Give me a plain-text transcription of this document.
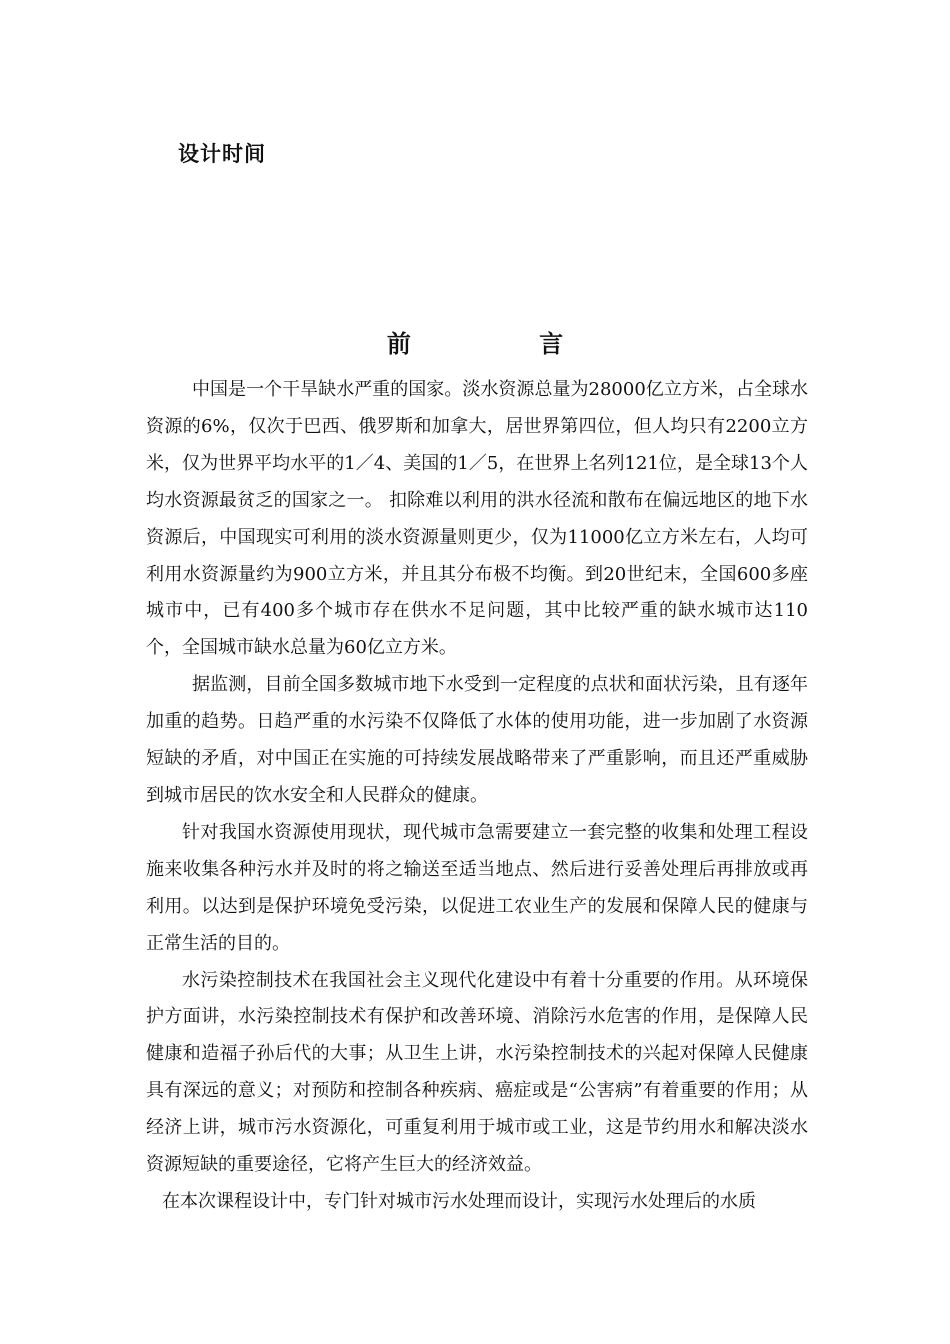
设计时间
前 言

中国是一个干旱缺水严重的国家。淡水资源总量为28000亿立方米，占全球水资源的6%，仅次于巴西、俄罗斯和加拿大，居世界第四位，但人均只有2200立方米，仅为世界平均水平的1／4、美国的1／5，在世界上名列121位，是全球13个人均水资源最贫乏的国家之一。 扣除难以利用的洪水径流和散布在偏远地区的地下水资源后，中国现实可利用的淡水资源量则更少，仅为11000亿立方米左右，人均可利用水资源量约为900立方米，并且其分布极不均衡。到20世纪末，全国600多座城市中，已有400多个城市存在供水不足问题，其中比较严重的缺水城市达110个，全国城市缺水总量为60亿立方米。

据监测，目前全国多数城市地下水受到一定程度的点状和面状污染，且有逐年加重的趋势。日趋严重的水污染不仅降低了水体的使用功能，进一步加剧了水资源短缺的矛盾，对中国正在实施的可持续发展战略带来了严重影响，而且还严重威胁到城市居民的饮水安全和人民群众的健康。

针对我国水资源使用现状，现代城市急需要建立一套完整的收集和处理工程设施来收集各种污水并及时的将之输送至适当地点、然后进行妥善处理后再排放或再利用。以达到是保护环境免受污染，以促进工农业生产的发展和保障人民的健康与正常生活的目的。

水污染控制技术在我国社会主义现代化建设中有着十分重要的作用。从环境保护方面讲，水污染控制技术有保护和改善环境、消除污水危害的作用，是保障人民健康和造福子孙后代的大事；从卫生上讲，水污染控制技术的兴起对保障人民健康具有深远的意义；对预防和控制各种疾病、癌症或是“公害病”有着重要的作用；从经济上讲，城市污水资源化，可重复利用于城市或工业，这是节约用水和解决淡水资源短缺的重要途径，它将产生巨大的经济效益。

在本次课程设计中，专门针对城市污水处理而设计，实现污水处理后的水质
